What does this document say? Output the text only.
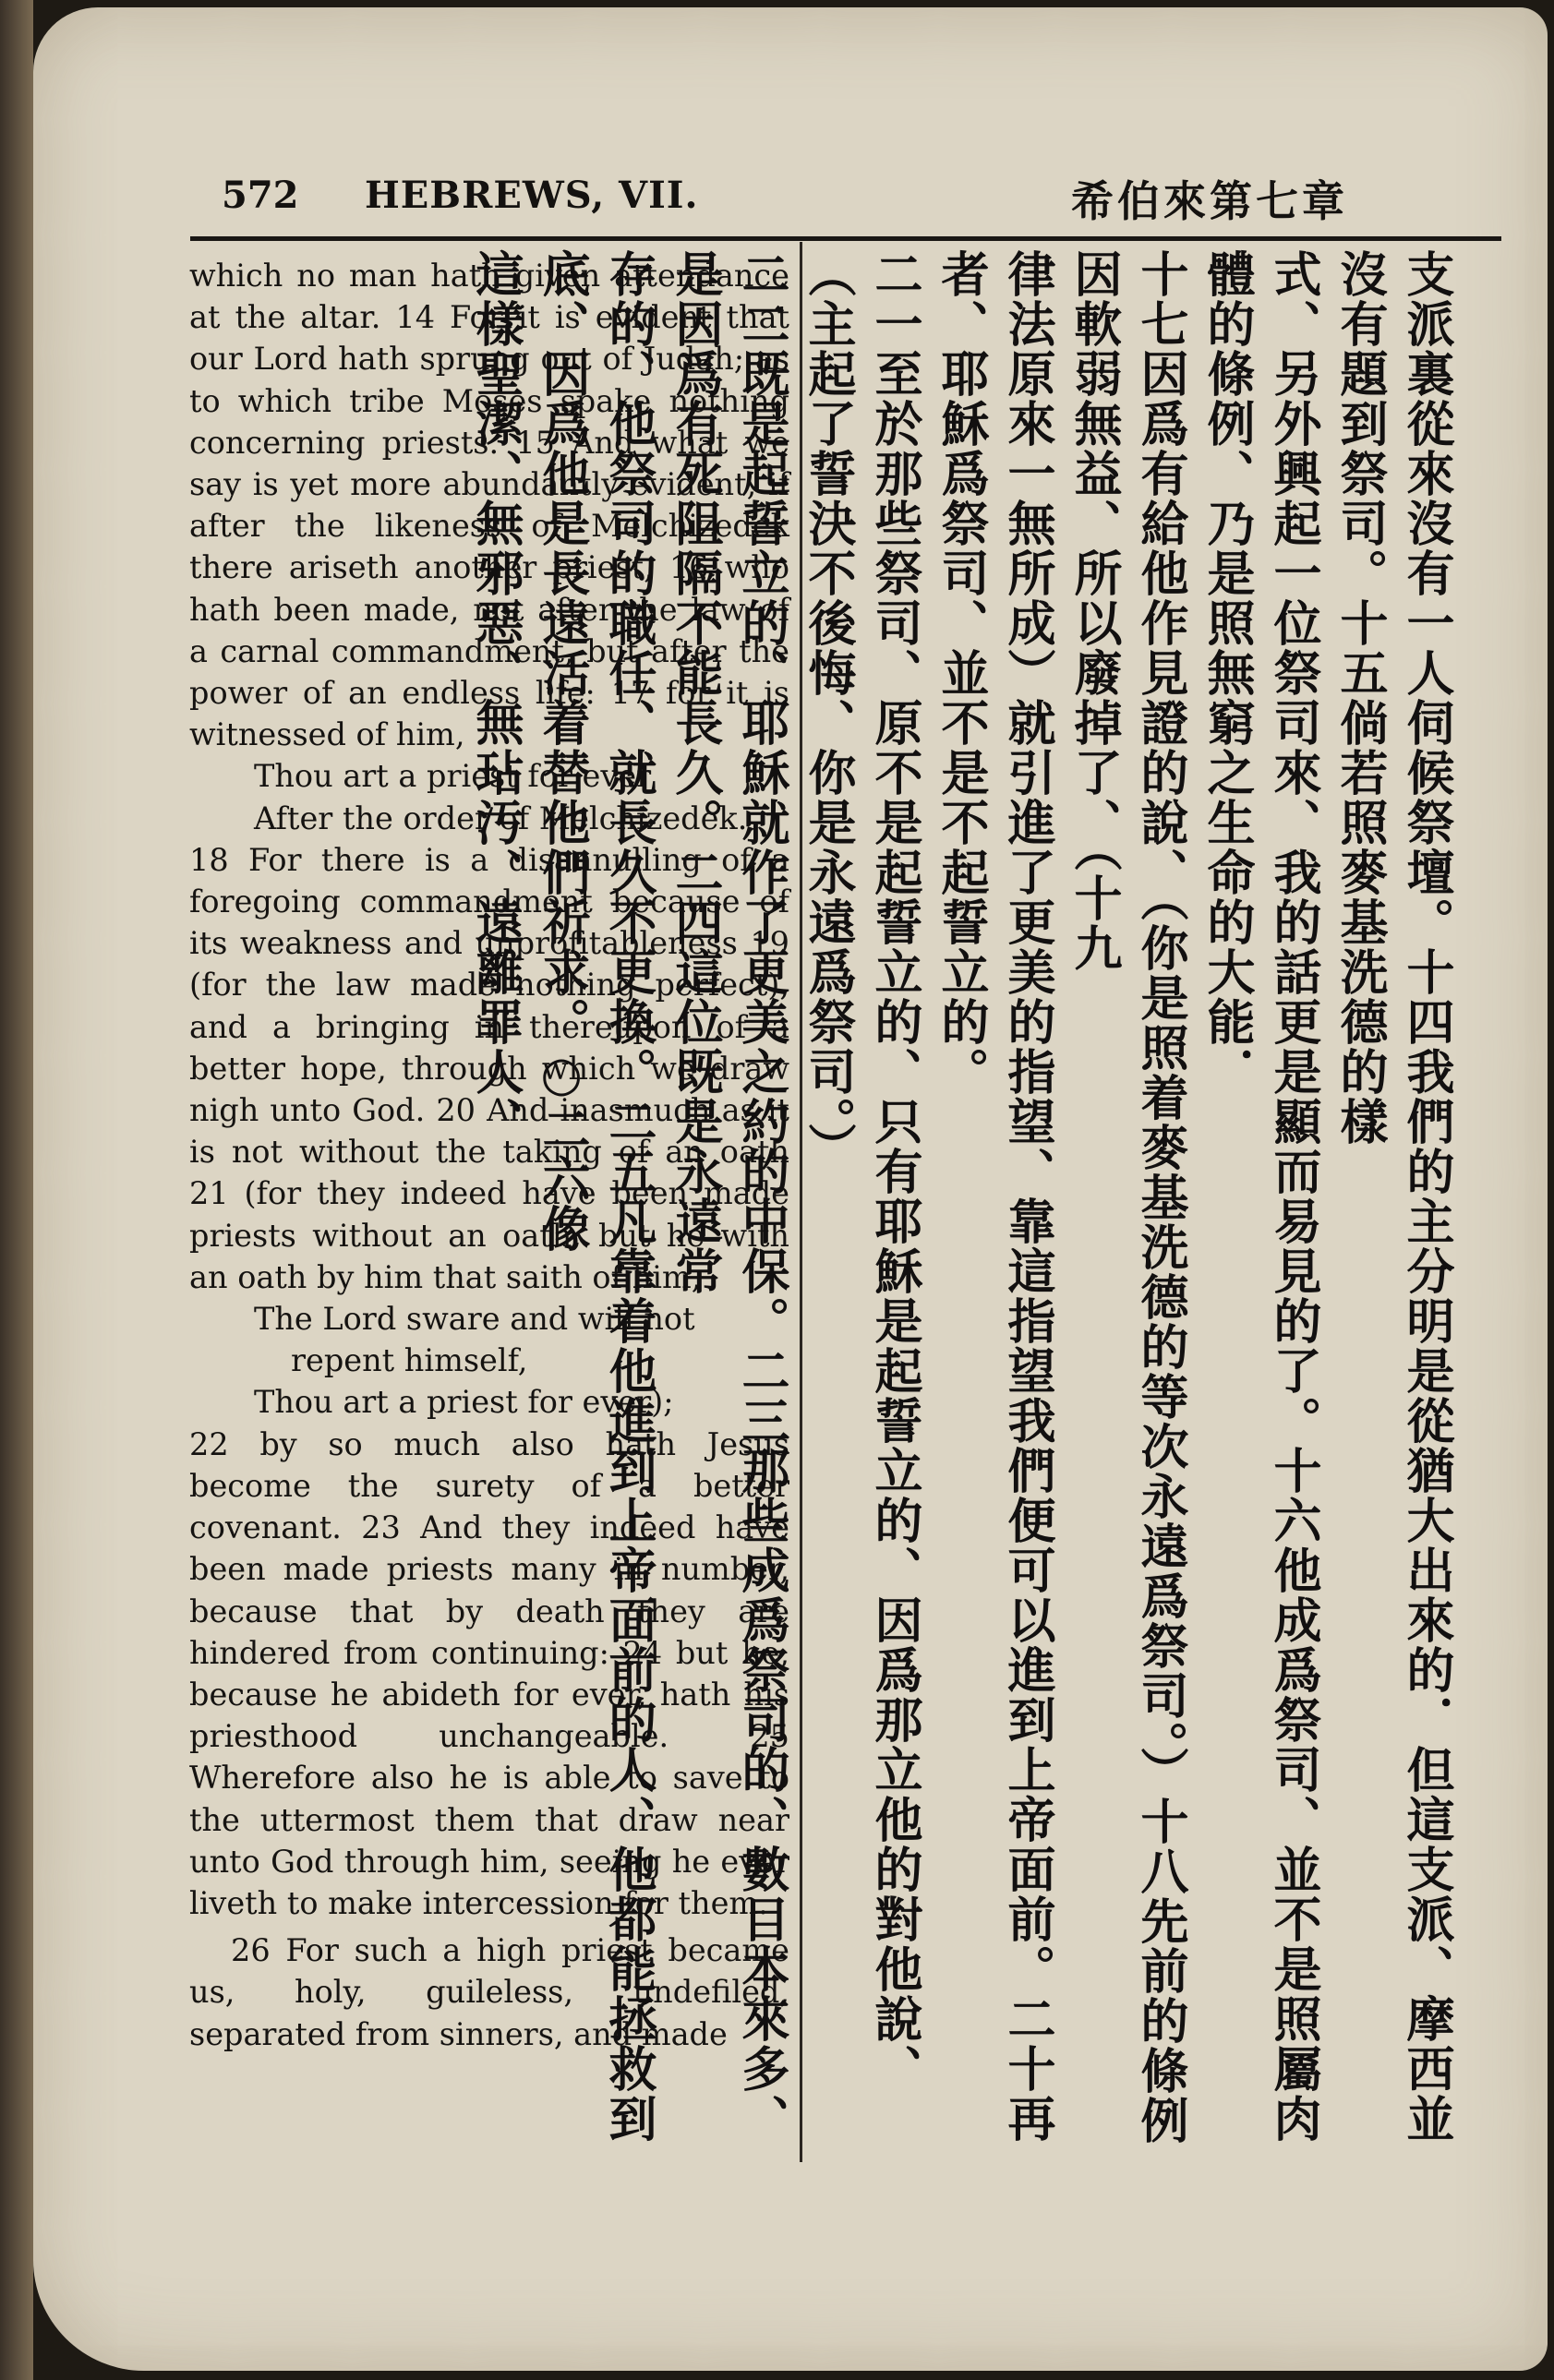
572 HEBREWS, VII.	希伯來第七章

which no man hath given attendance at the altar. 14 For it is evident that our Lord hath sprung out of Judah; as to which tribe Moses spake nothing concerning priests. 15 And what we say is yet more abundantly evident, if after the likeness of Melchizedek there ariseth another priest, 16 who hath been made, not after the law of a carnal commandment, but after the power of an endless life: 17 for it is witnessed of him,

Thou art a priest for ever

After the order of Melchizedek.

18 For there is a disannulling of a foregoing commandment because of its weakness and unprofitableness 19 (for the law made nothing perfect), and a bringing in thereupon of a better hope, through which we draw nigh unto God. 20 And inasmuch as it is not without the taking of an oath 21 (for they indeed have been made priests without an oath; but he with an oath by him that saith of him,

The Lord sware and will not

repent himself,

Thou art a priest for ever);

22 by so much also hath Jesus become the surety of a better covenant. 23 And they indeed have been made priests many in number, because that by death they are hindered from continuing: 24 but he, because he abideth for ever, hath his priesthood unchangeable. 25 Wherefore also he is able to save to the uttermost them that draw near unto God through him, seeing he ever liveth to make intercession for them.

26 For such a high priest became us, holy, guileless, undefiled, separated from sinners, and made	支派裏從來沒有一人伺候祭壇。十四我們的主分明是從猶大出來的．但這支派、摩西並沒有題到祭司。十五倘若照麥基洗德的樣

式、另外興起一位祭司來、我的話更是顯而易見的了。十六他成爲祭司、並不是照屬肉體的條例、乃是照無窮之生命的大能．

十七因爲有給他作見證的說、（你是照着麥基洗德的等次永遠爲祭司。）十八先前的條例因軟弱無益、所以廢掉了、（十九

律法原來一無所成）就引進了更美的指望、靠這指望我們便可以進到上帝面前。二十再者、耶穌爲祭司、並不是不起誓立的。

二一至於那些祭司、原不是起誓立的、只有耶穌是起誓立的、因爲那立他的對他說、（主起了誓決不後悔、你是永遠爲祭司。）

二二既是起誓立的、耶穌就作了更美之約的中保。二三那些成爲祭司的、數目本來多、是因爲有死阻隔不能長久。二四這位既是永遠常

存的、他祭司的職任、就長久不更換。二五凡靠着他進到上帝面前的人、他都能拯救到底、因爲他是長遠活着替他們祈求。○二六像

這樣聖潔、無邪惡、無玷汚、遠離罪人、
